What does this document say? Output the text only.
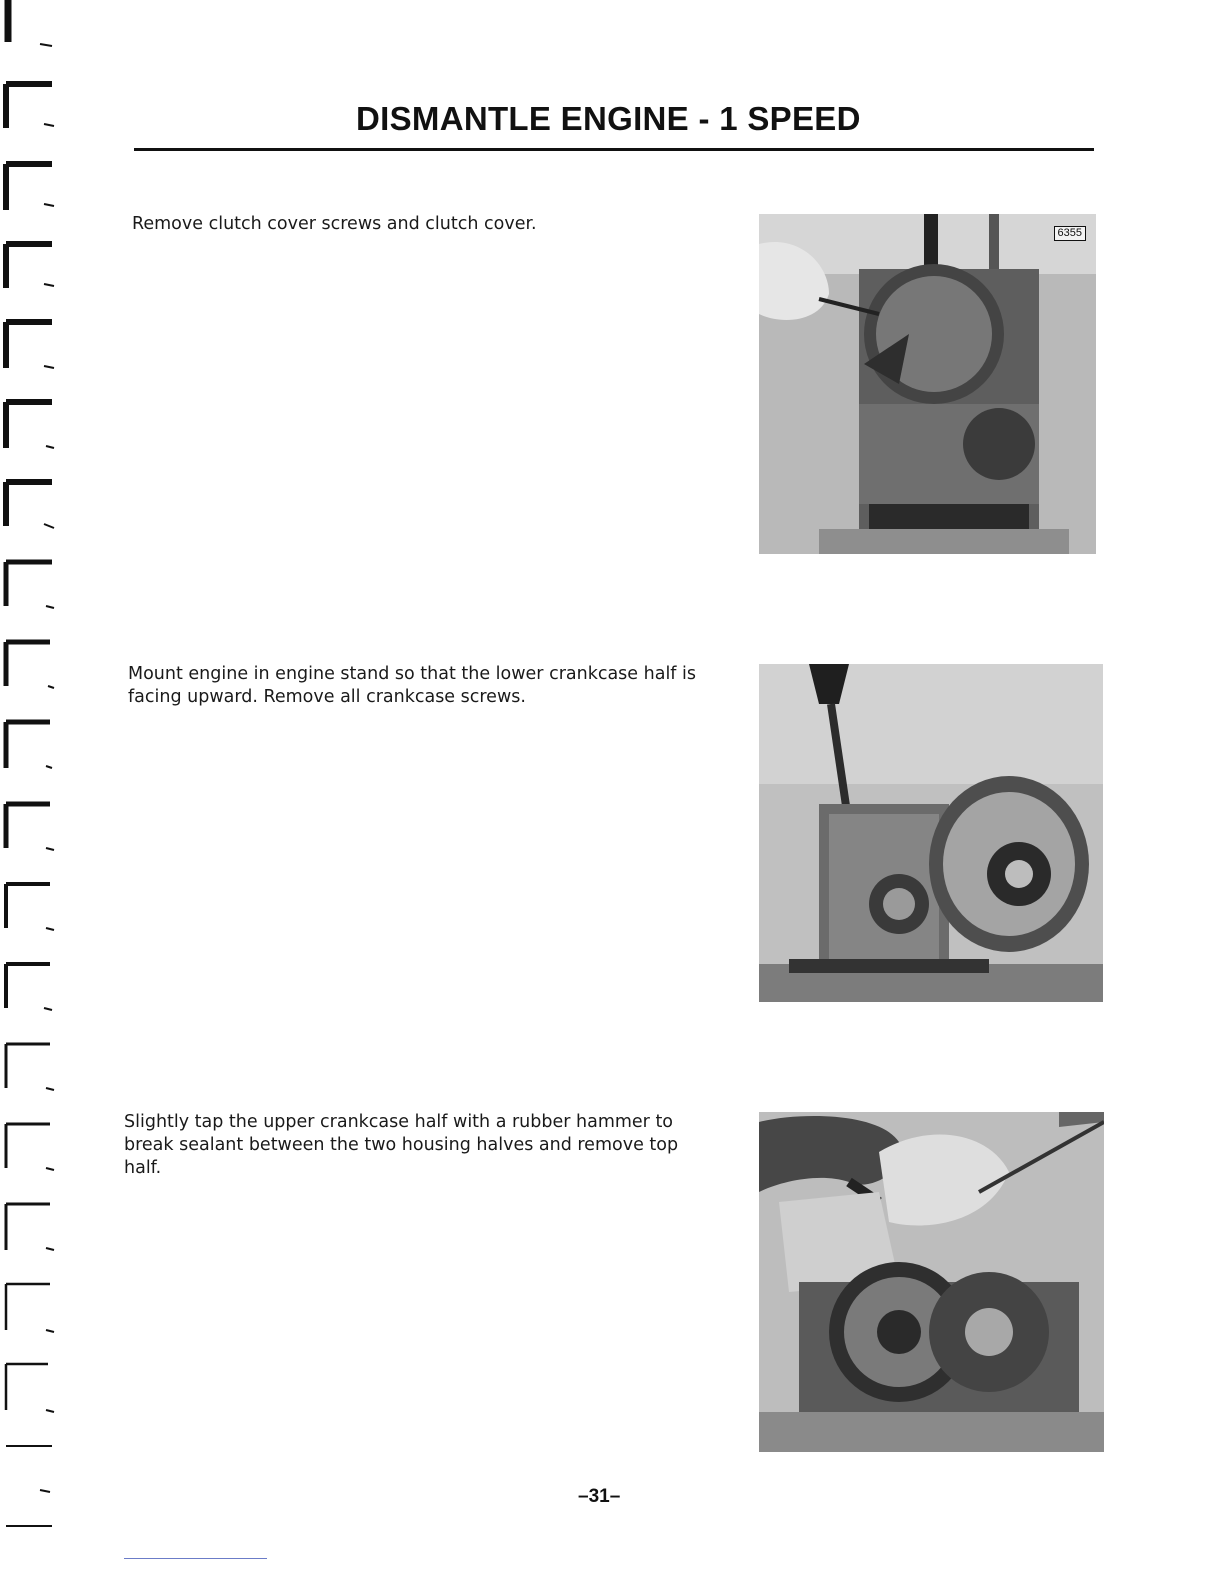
DISMANTLE ENGINE - 1 SPEED
Remove clutch cover screws and clutch cover.	6355
Mount engine in engine stand so that the lower crankcase half is facing upward. Remove all crankcase screws.
Slightly tap the upper crankcase half with a rubber hammer to break sealant between the two housing halves and remove top half.
–31–
